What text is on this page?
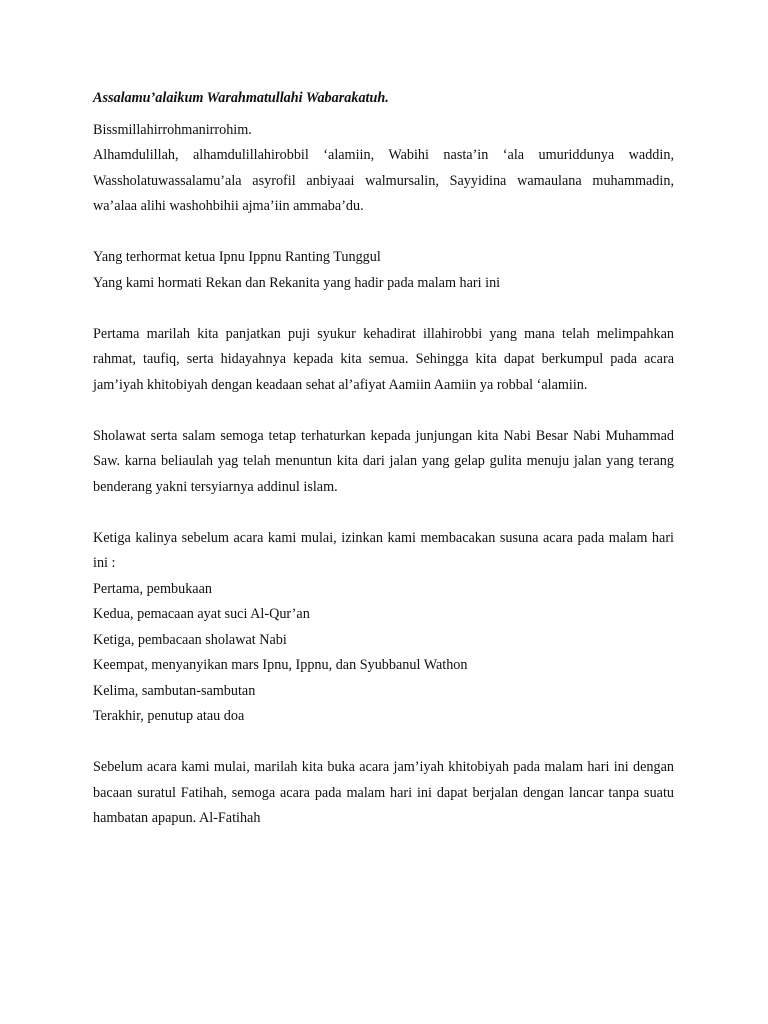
Assalamu’alaikum Warahmatullahi Wabarakatuh.

Bissmillahirrohmanirrohim.

Alhamdulillah, alhamdulillahirobbil ‘alamiin, Wabihi nasta’in ‘ala umuriddunya waddin, Wassholatuwassalamu’ala asyrofil anbiyaai walmursalin, Sayyidina wamaulana muhammadin, wa’alaa alihi washohbihii ajma’iin ammaba’du.

Yang terhormat ketua Ipnu Ippnu Ranting Tunggul

Yang kami hormati Rekan dan Rekanita yang hadir pada malam hari ini

Pertama marilah kita panjatkan puji syukur kehadirat illahirobbi yang mana telah melimpahkan rahmat, taufiq, serta hidayahnya kepada kita semua. Sehingga kita dapat berkumpul pada acara jam’iyah khitobiyah dengan keadaan sehat al’afiyat Aamiin Aamiin ya robbal ‘alamiin.

Sholawat serta salam semoga tetap terhaturkan kepada junjungan kita Nabi Besar Nabi Muhammad Saw. karna beliaulah yag telah menuntun kita dari jalan yang gelap gulita menuju jalan yang terang benderang yakni tersyiarnya addinul islam.

Ketiga kalinya sebelum acara kami mulai, izinkan kami membacakan susuna acara pada malam hari ini :

Pertama, pembukaan

Kedua, pemacaan ayat suci Al-Qur’an

Ketiga, pembacaan sholawat Nabi

Keempat, menyanyikan mars Ipnu, Ippnu, dan Syubbanul Wathon

Kelima, sambutan-sambutan

Terakhir, penutup atau doa

Sebelum acara kami mulai, marilah kita buka acara jam’iyah khitobiyah pada malam hari ini dengan bacaan suratul Fatihah, semoga acara pada malam hari ini dapat berjalan dengan lancar tanpa suatu hambatan apapun. Al-Fatihah
